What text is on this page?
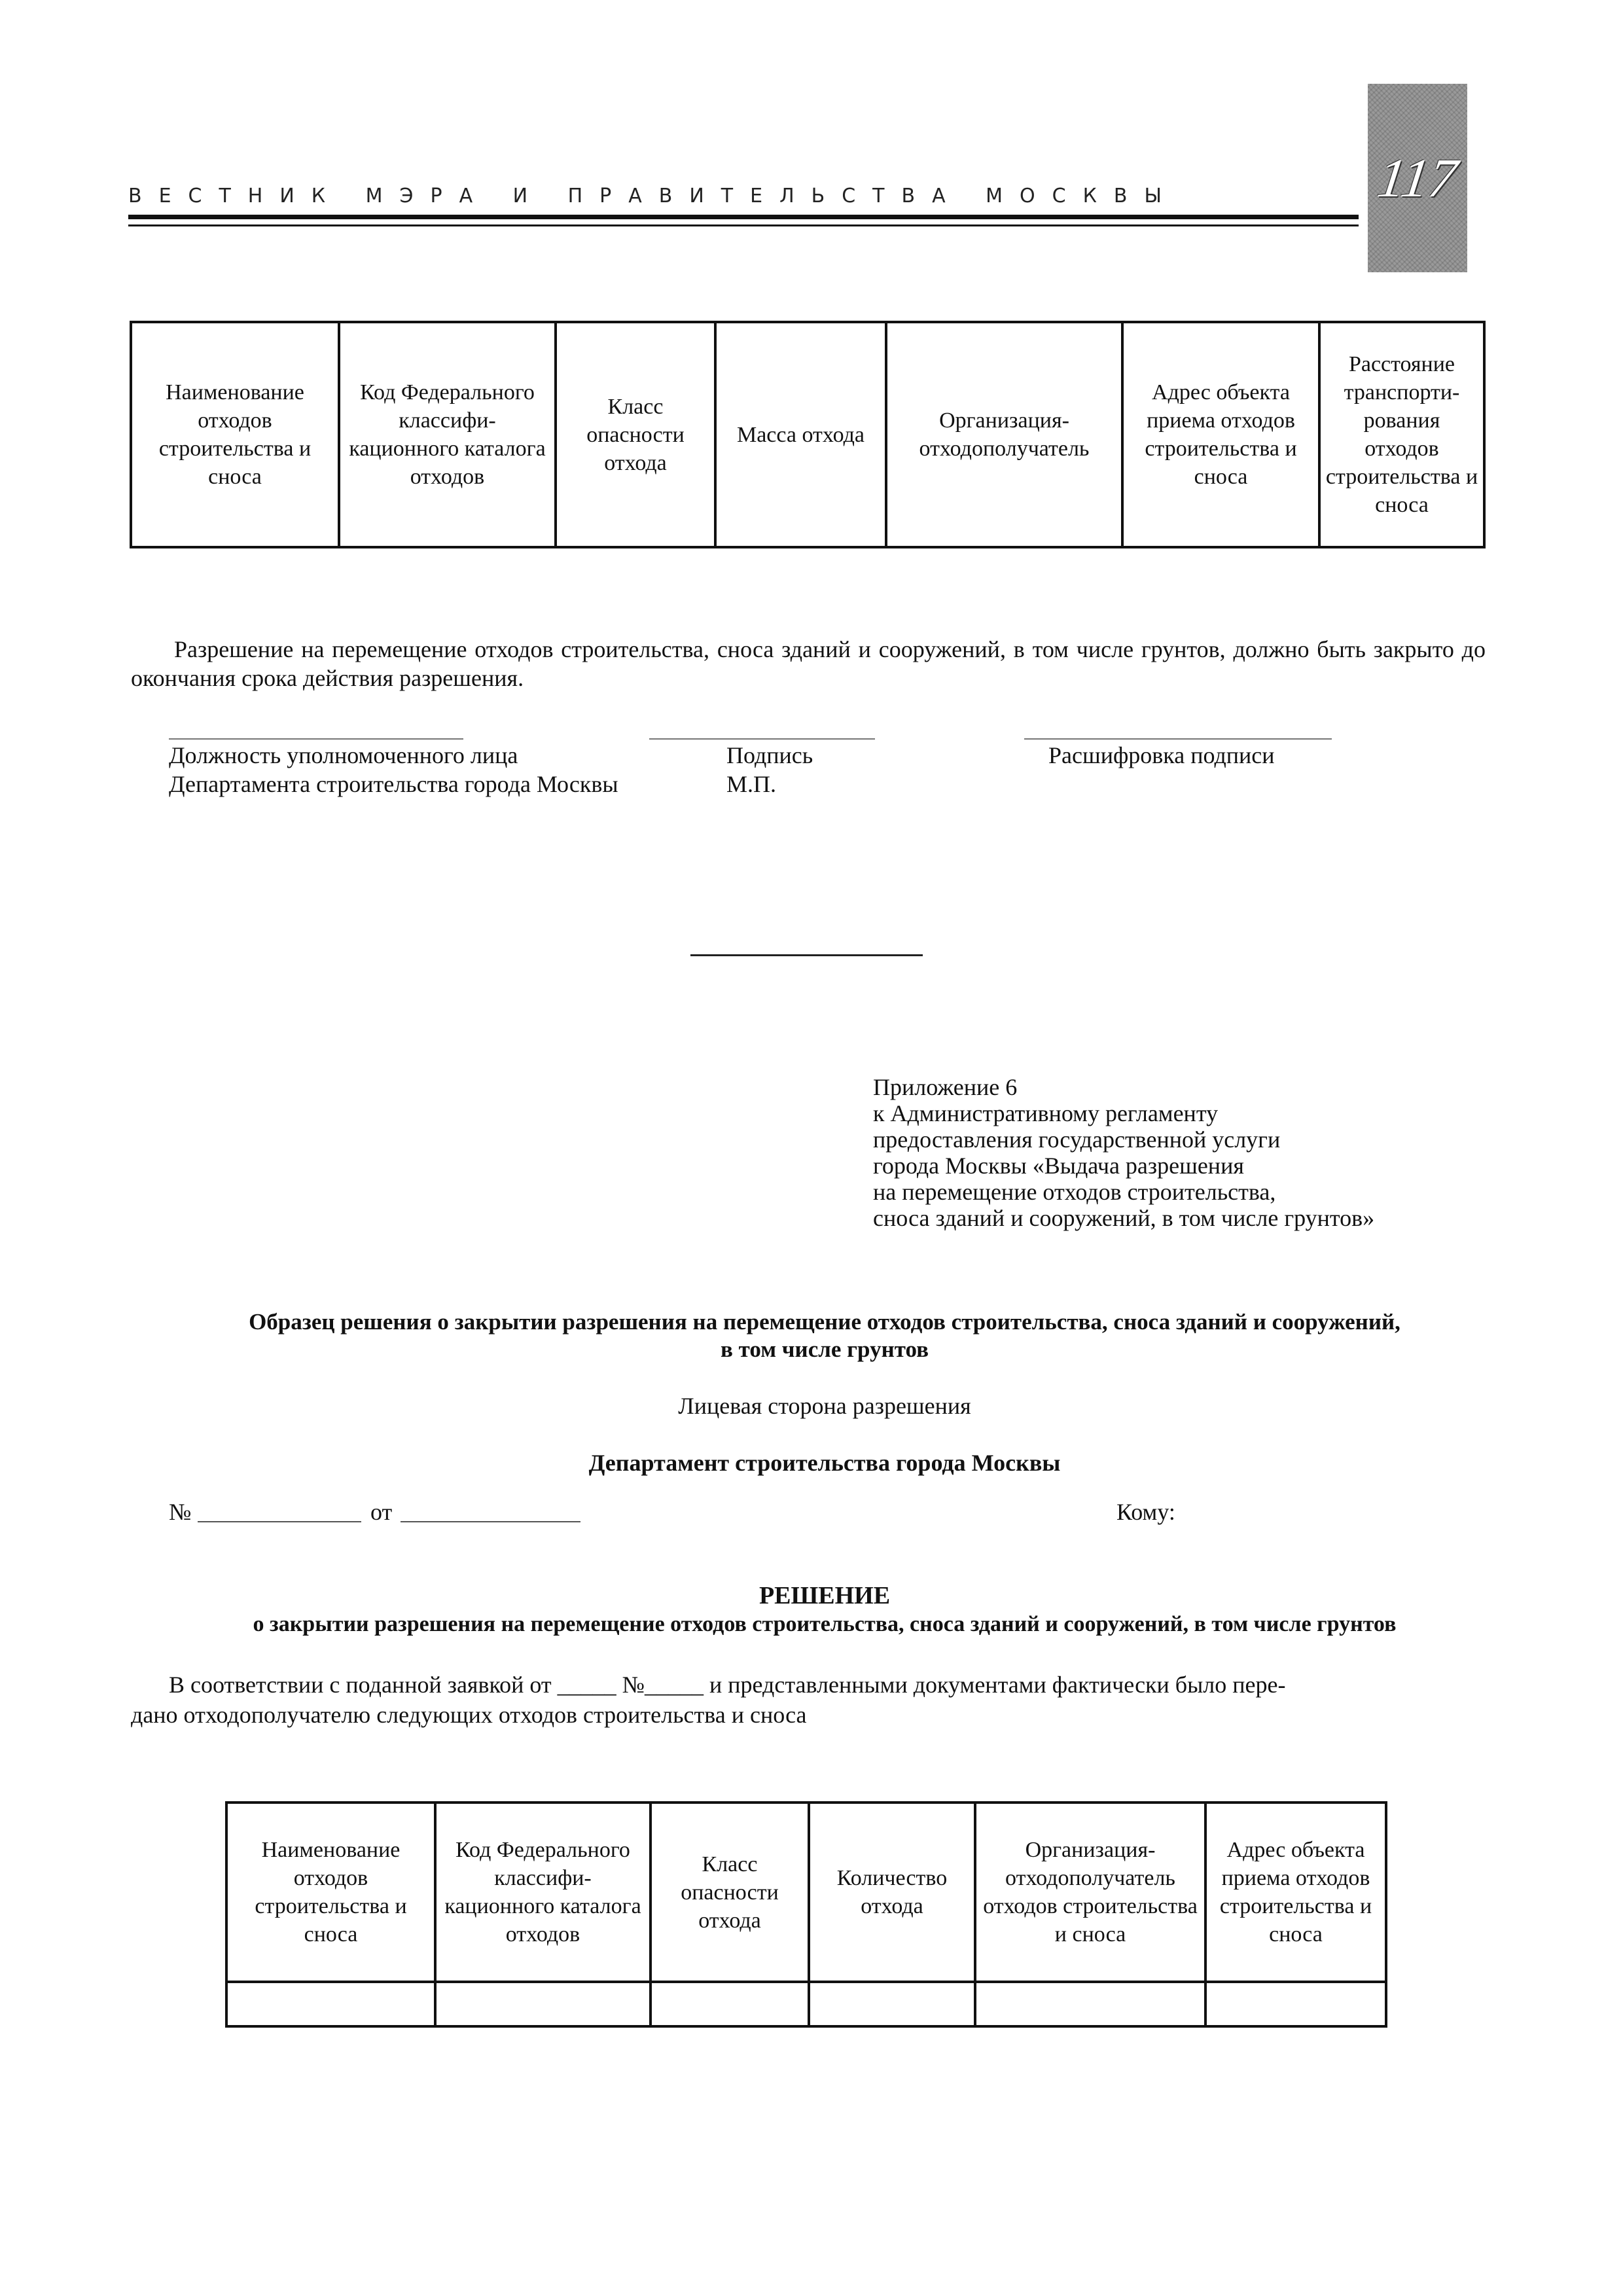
ВЕСТНИК МЭРА И ПРАВИТЕЛЬСТВА МОСКВЫ	117
Наименование отходов строительства и сноса	Код Федерального классифи-кационного каталога отходов	Класс опасности отхода	Масса отхода	Организация-отходополучатель	Адрес объекта приема отходов строительства и сноса	Расстояние транспорти-рования отходов строительства и сноса
Разрешение на перемещение отходов строительства, сноса зданий и сооружений, в том числе грунтов, должно быть закрыто до окончания срока действия разрешения.
Должность уполномоченного лица
Департамента строительства города Москвы
Подпись
М.П.
Расшифровка подписи
Приложение 6
к Административному регламенту
предоставления государственной услуги
города Москвы «Выдача разрешения
на перемещение отходов строительства,
сноса зданий и сооружений, в том числе грунтов»
Образец решения о закрытии разрешения на перемещение отходов строительства, сноса зданий и сооружений,
в том числе грунтов
Лицевая сторона разрешения
Департамент строительства города Москвы
№	от	Кому:
РЕШЕНИЕ
о закрытии разрешения на перемещение отходов строительства, сноса зданий и сооружений, в том числе грунтов
В соответствии с поданной заявкой от _____ №_____ и представленными документами фактически было пере-
дано отходополучателю следующих отходов строительства и сноса
Наименование отходов строительства и сноса	Код Федерального классифи-кационного каталога отходов	Класс опасности отхода	Количество отхода	Организация-отходополучатель отходов строительства и сноса	Адрес объекта приема отходов строительства и сноса
